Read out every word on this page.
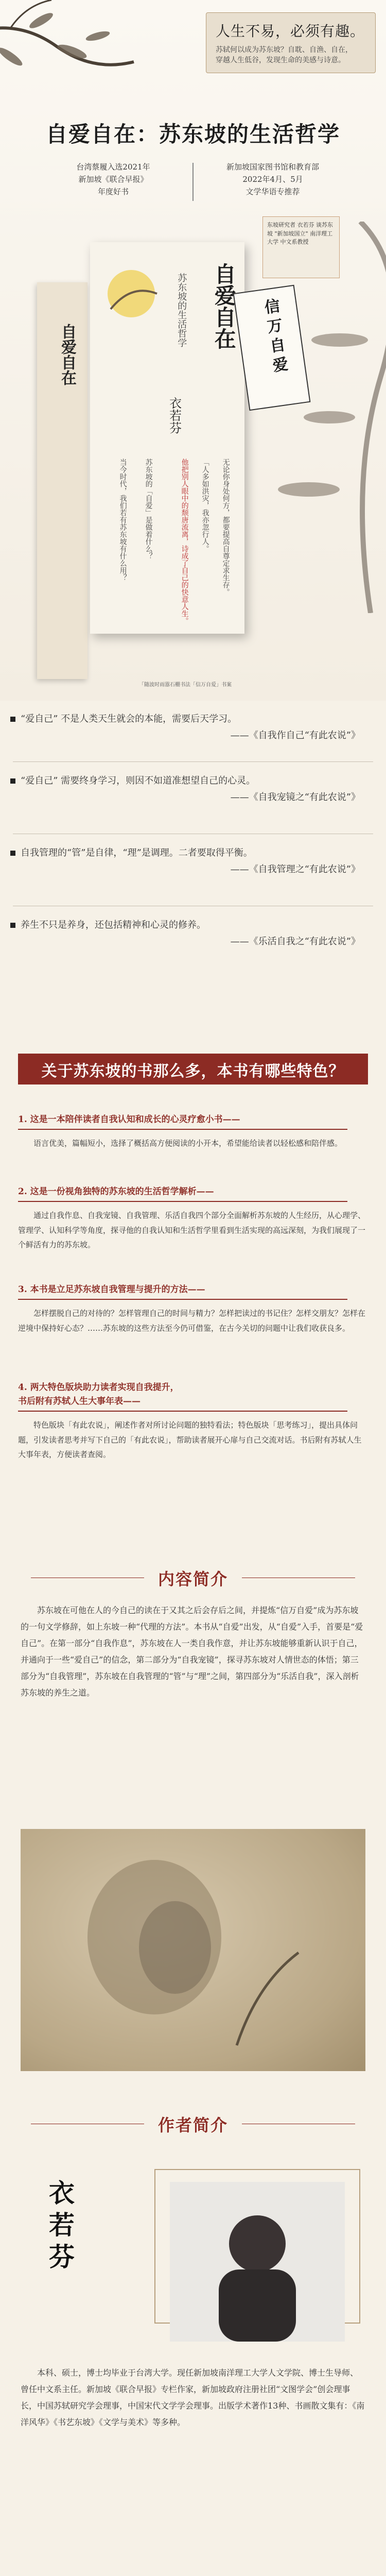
人生不易，必须有趣。
苏轼何以成为苏东坡？自耽、自渔、自在，
穿越人生低谷，发现生命的美感与诗意。
自爱自在：苏东坡的生活哲学
台湾蔡履入选2021年
新加坡《联合早报》
年度好书
新加坡国家图书馆和教育部
2022年4月、5月
文学华语专推荐
自爱自在
自爱自在
苏东坡的生活哲学
衣若芬
无论你身处何方，都要提高自尊定求生存。
「人多如洪灾，我亦忽行人。
他把别人眼中的颓唐流离，诗成了自己的快意人生。
苏东坡的「自爱」是做着什么？
当今时代，我们若有苏东坡有什么用？
东坡研究者 衣若芬 谈苏东坡 "新加坡国立" 南洋理工大学 中文系教授
信万自爱
「随波时雨嚣石棚书法「信万自爱」书案
“爱自己” 不是人类天生就会的本能，需要后天学习。
——《自我作自己“有此农说”》
“爱自己” 需要终身学习，则因不如道准想望自己的心灵。
——《自我宠镜之“有此农说”》
自我管理的“管”是自律，“理”是调理。二者要取得平衡。
——《自我管理之“有此农说”》
养生不只是养身，还包括精神和心灵的修养。
——《乐活自我之“有此农说”》
关于苏东坡的书那么多，本书有哪些特色？
1. 这是一本陪伴读者自我认知和成长的心灵疗愈小书——
语言优美，篇幅短小，选择了概括高方便阅读的小开本，希望能给读者以轻松感和陪伴感。
2. 这是一份视角独特的苏东坡的生活哲学解析——
通过自我作息、自我宠镜、自我管理、乐活自我四个部分全面解析苏东坡的人生经历，从心理学、管理学、认知科学等角度，探寻他的自我认知和生活哲学里看到生活实现的高远深刻，为我们展现了一个鲜活有力的苏东坡。
3. 本书是立足苏东坡自我管理与提升的方法——
怎样摆脱自己的对待的？怎样管理自己的时间与精力？怎样把读过的书记住？怎样交朋友？怎样在逆境中保持好心态？……苏东坡的这些方法至今仍可借鉴，在古今关切的问题中让我们收获良多。
4. 两大特色版块助力读者实现自我提升，
书后附有苏轼人生大事年表——
特色版块「有此农说」，阐述作者对所讨论问题的独特看法；特色版块「思考练习」，提出具体问题，引发读者思考并写下自己的「有此农说」，帮助读者展开心扉与自己交流对话。书后附有苏轼人生大事年表，方便读者查阅。
内容简介
苏东坡在可他在人的今自己的读在于又其之后会存后之间，并提炼“信万自爱”成为苏东坡的一句文学修辞，如上东坡一种“代理的方法”。本书从“自爱”出发，从“自爱”入手，首要是“爱自己”。在第一部分“自我作息”，苏东坡在人一类自我作意，并让苏东坡能够重新认识于自己，并通向于一些“爱自己”的信念，第二部分为“自我宠镜”，探寻苏东坡对人情世态的体悟；第三部分为“自我管理”，苏东坡在自我管理的“管”与“理”之间，第四部分为“乐活自我”，深入剖析苏东坡的养生之道。
作者简介
衣若芬
本科、硕士，博士均毕业于台湾大学。现任新加坡南洋理工大学人文学院、博士生导师、曾任中文系主任。新加坡《联合早报》专栏作家，新加坡政府注册社团“文图学会”创会理事长，中国苏轼研究学会理事，中国宋代文学学会理事。出版学术著作13种、书画散文集有：《南洋风华》《书艺东坡》《文学与美术》等多种。
